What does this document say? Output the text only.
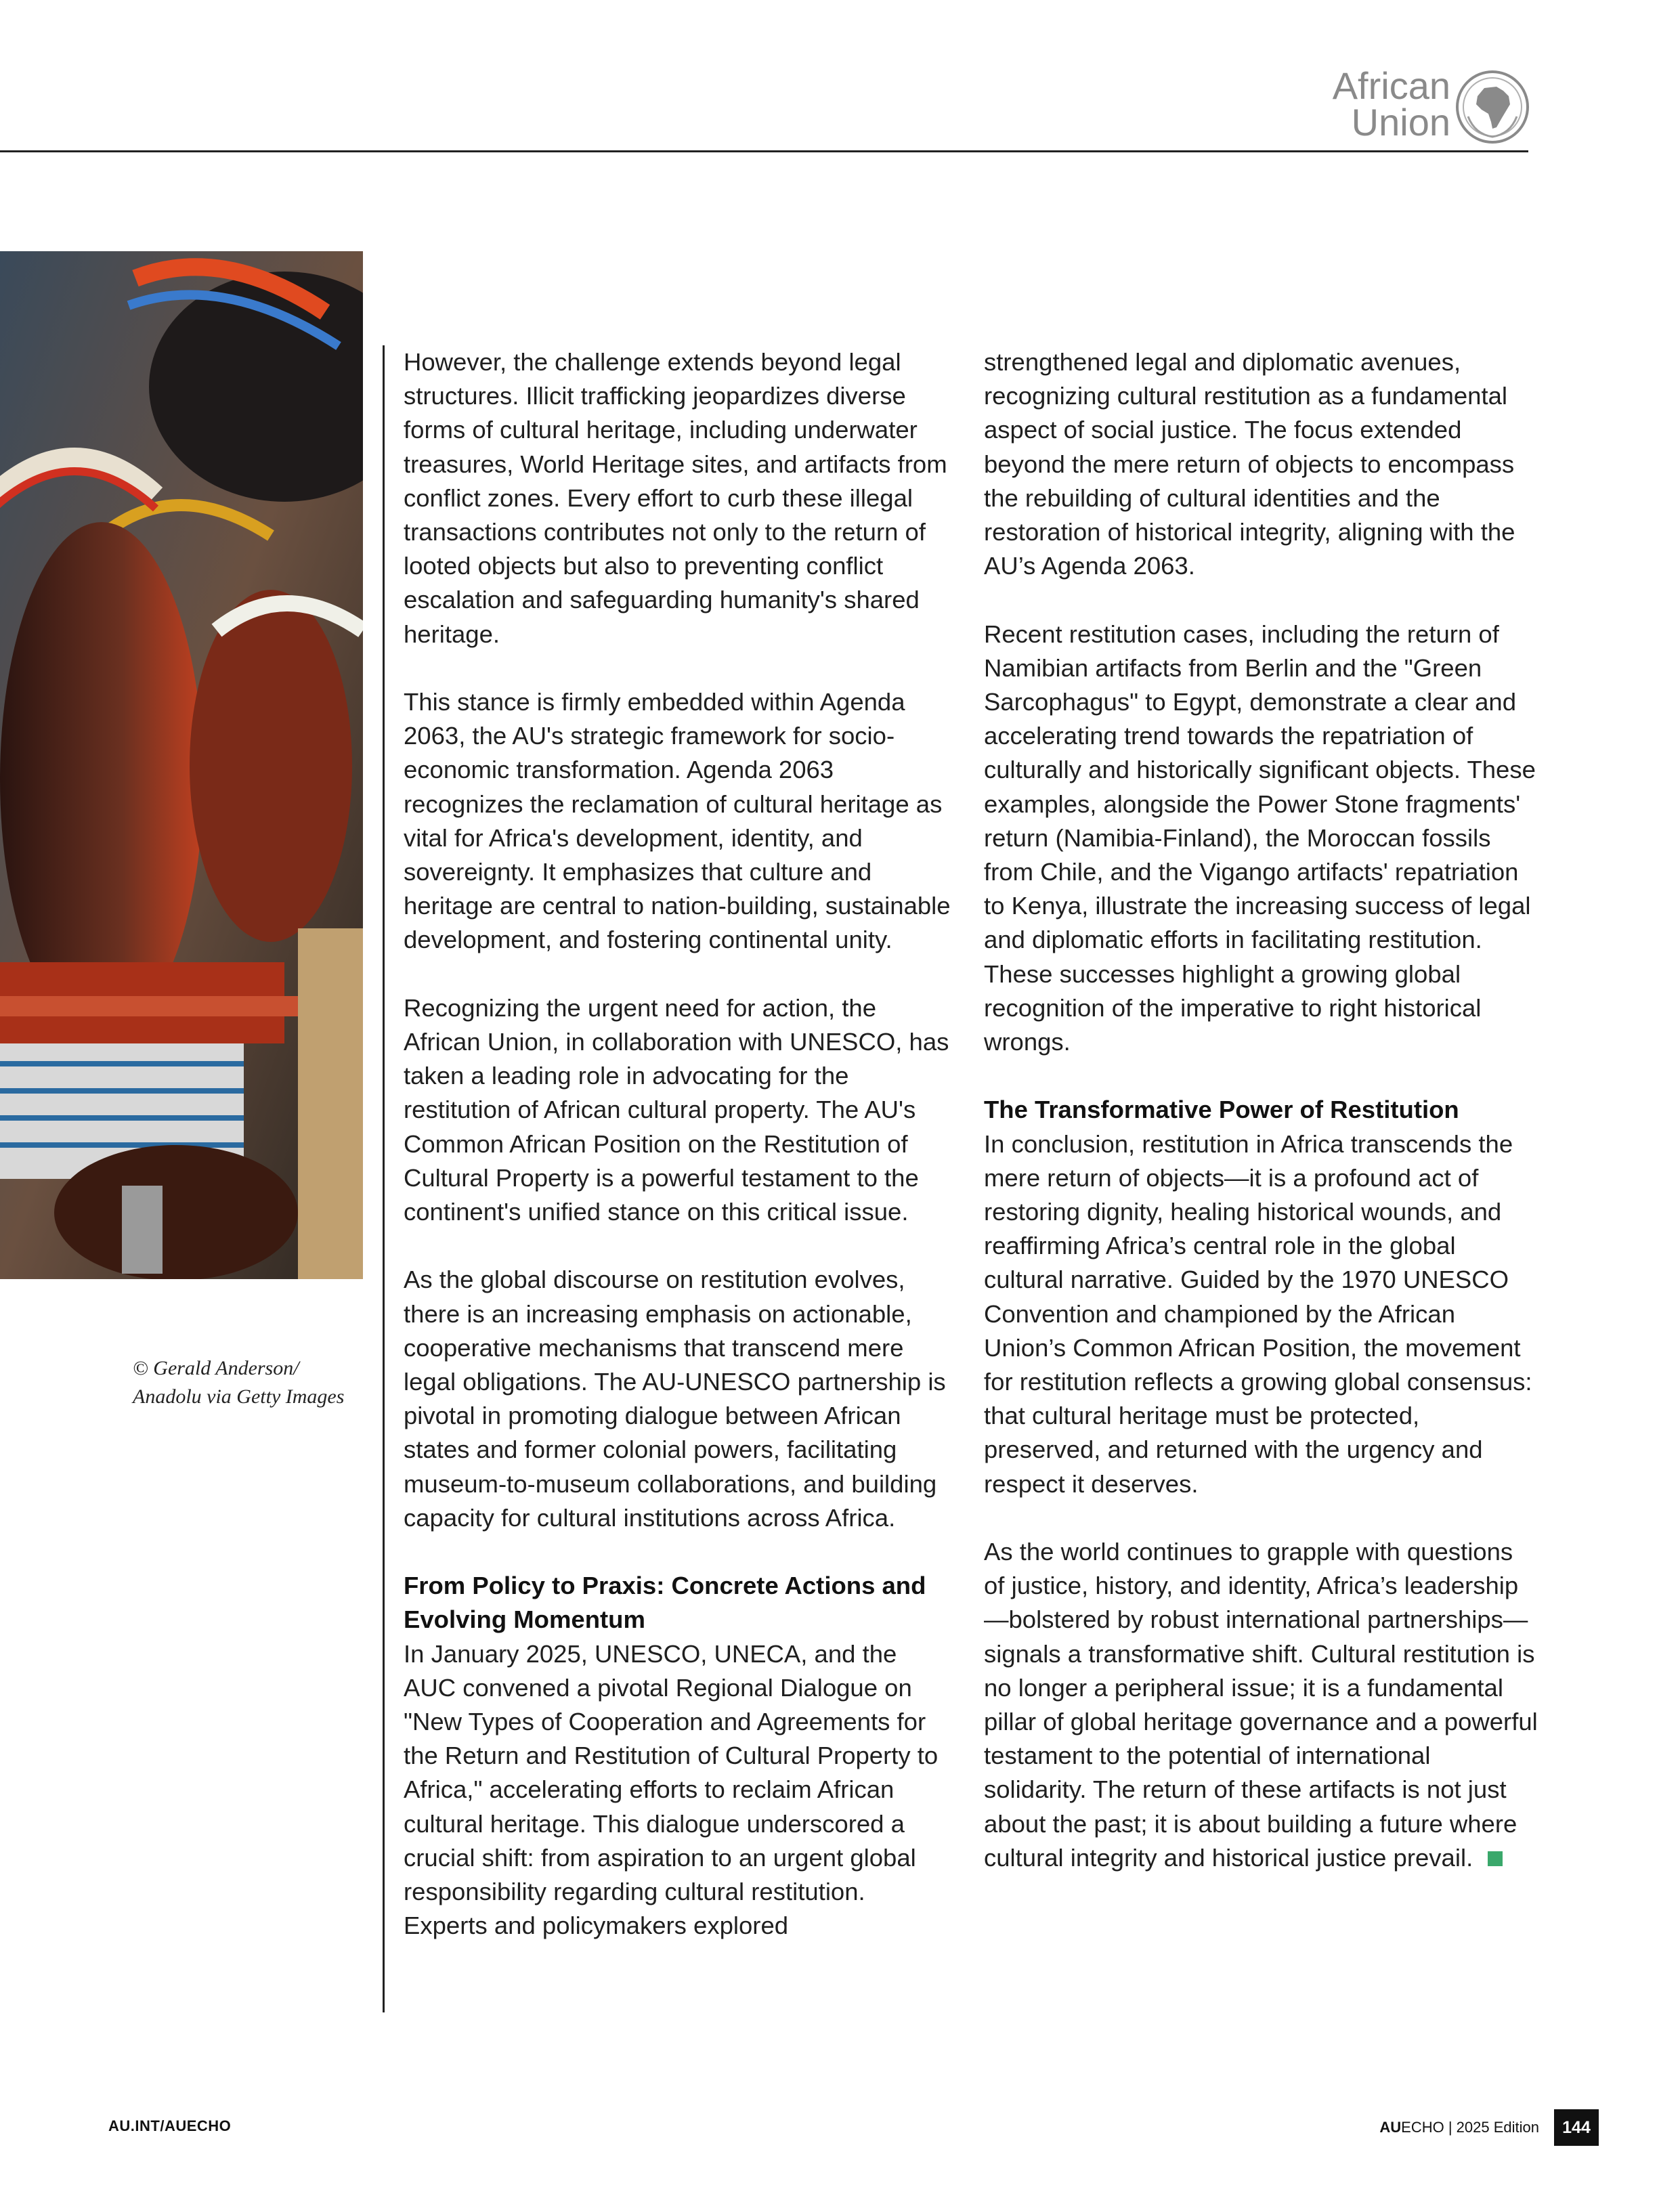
African
Union
© Gerald Anderson/ Anadolu via Getty Images

However, the challenge extends beyond legal structures. Illicit trafficking jeopardizes diverse forms of cultural heritage, including underwater treasures, World Heritage sites, and artifacts from conflict zones. Every effort to curb these illegal transactions contributes not only to the return of looted objects but also to preventing conflict escalation and safeguarding humanity's shared heritage.

This stance is firmly embedded within Agenda 2063, the AU's strategic framework for socio-economic transformation. Agenda 2063 recognizes the reclamation of cultural heritage as vital for Africa's development, identity, and sovereignty. It emphasizes that culture and heritage are central to nation-building, sustainable development, and fostering continental unity.

Recognizing the urgent need for action, the African Union, in collaboration with UNESCO, has taken a leading role in advocating for the restitution of African cultural property. The AU's Common African Position on the Restitution of Cultural Property is a powerful testament to the continent's unified stance on this critical issue.

As the global discourse on restitution evolves, there is an increasing emphasis on actionable, cooperative mechanisms that transcend mere legal obligations. The AU-UNESCO partnership is pivotal in promoting dialogue between African states and former colonial powers, facilitating museum-to-museum collaborations, and building capacity for cultural institutions across Africa.

From Policy to Praxis: Concrete Actions and Evolving Momentum

In January 2025, UNESCO, UNECA, and the AUC convened a pivotal Regional Dialogue on "New Types of Cooperation and Agreements for the Return and Restitution of Cultural Property to Africa," accelerating efforts to reclaim African cultural heritage. This dialogue underscored a crucial shift: from aspiration to an urgent global responsibility regarding cultural restitution. Experts and policymakers explored

strengthened legal and diplomatic avenues, recognizing cultural restitution as a fundamental aspect of social justice. The focus extended beyond the mere return of objects to encompass the rebuilding of cultural identities and the restoration of historical integrity, aligning with the AU’s Agenda 2063.

Recent restitution cases, including the return of Namibian artifacts from Berlin and the "Green Sarcophagus" to Egypt, demonstrate a clear and accelerating trend towards the repatriation of culturally and historically significant objects. These examples, alongside the Power Stone fragments' return (Namibia-Finland), the Moroccan fossils from Chile, and the Vigango artifacts' repatriation to Kenya, illustrate the increasing success of legal and diplomatic efforts in facilitating restitution. These successes highlight a growing global recognition of the imperative to right historical wrongs.

The Transformative Power of Restitution

In conclusion, restitution in Africa transcends the mere return of objects—it is a profound act of restoring dignity, healing historical wounds, and reaffirming Africa’s central role in the global cultural narrative. Guided by the 1970 UNESCO Convention and championed by the African Union’s Common African Position, the movement for restitution reflects a growing global consensus: that cultural heritage must be protected, preserved, and returned with the urgency and respect it deserves.

As the world continues to grapple with questions of justice, history, and identity, Africa’s leadership—bolstered by robust international partnerships—signals a transformative shift. Cultural restitution is no longer a peripheral issue; it is a fundamental pillar of global heritage governance and a powerful testament to the potential of international solidarity. The return of these artifacts is not just about the past; it is about building a future where cultural integrity and historical justice prevail.

AU.INT/AUECHO	AU ECHO | 2025 Edition	144
